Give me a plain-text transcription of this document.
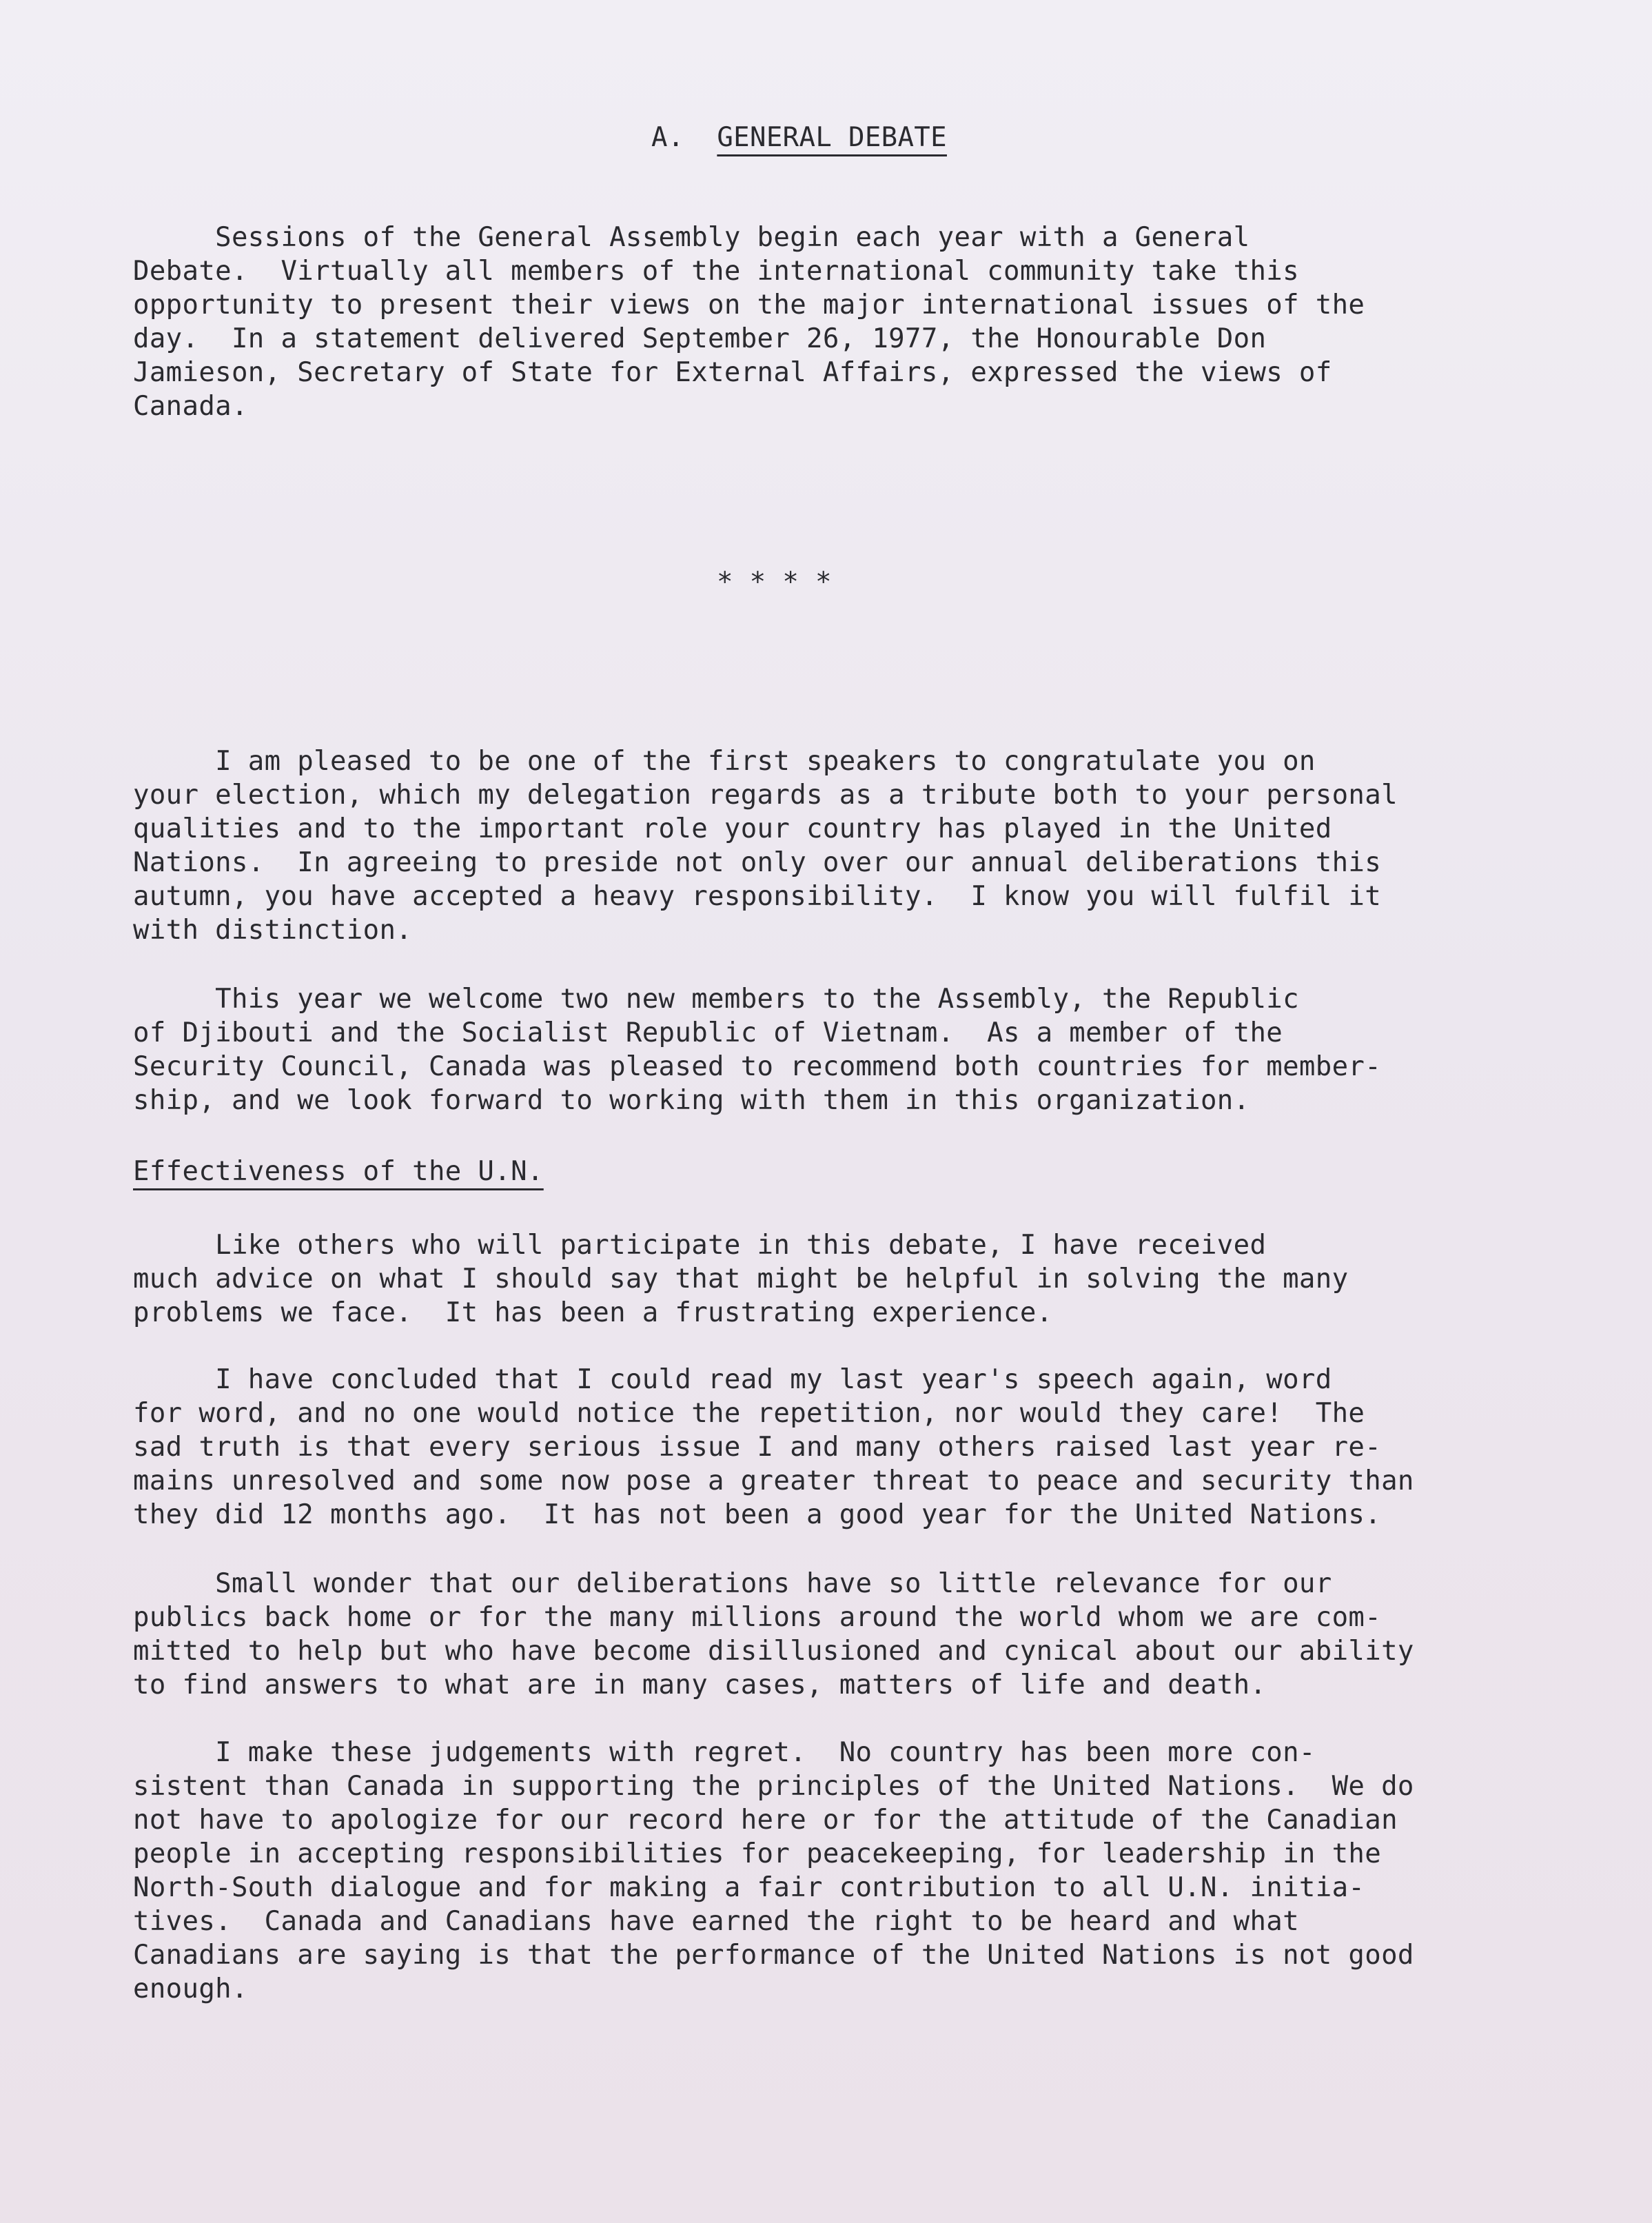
A. GENERAL DEBATE
Sessions of the General Assembly begin each year with a General
Debate.  Virtually all members of the international community take this
opportunity to present their views on the major international issues of the
day.  In a statement delivered September 26, 1977, the Honourable Don
Jamieson, Secretary of State for External Affairs, expressed the views of
Canada.
* * * *
I am pleased to be one of the first speakers to congratulate you on
your election, which my delegation regards as a tribute both to your personal
qualities and to the important role your country has played in the United
Nations.  In agreeing to preside not only over our annual deliberations this
autumn, you have accepted a heavy responsibility.  I know you will fulfil it
with distinction.
This year we welcome two new members to the Assembly, the Republic
of Djibouti and the Socialist Republic of Vietnam.  As a member of the
Security Council, Canada was pleased to recommend both countries for member-
ship, and we look forward to working with them in this organization.
Effectiveness of the U.N.
Like others who will participate in this debate, I have received
much advice on what I should say that might be helpful in solving the many
problems we face.  It has been a frustrating experience.
I have concluded that I could read my last year's speech again, word
for word, and no one would notice the repetition, nor would they care!  The
sad truth is that every serious issue I and many others raised last year re-
mains unresolved and some now pose a greater threat to peace and security than
they did 12 months ago.  It has not been a good year for the United Nations.
Small wonder that our deliberations have so little relevance for our
publics back home or for the many millions around the world whom we are com-
mitted to help but who have become disillusioned and cynical about our ability
to find answers to what are in many cases, matters of life and death.
I make these judgements with regret.  No country has been more con-
sistent than Canada in supporting the principles of the United Nations.  We do
not have to apologize for our record here or for the attitude of the Canadian
people in accepting responsibilities for peacekeeping, for leadership in the
North-South dialogue and for making a fair contribution to all U.N. initia-
tives.  Canada and Canadians have earned the right to be heard and what
Canadians are saying is that the performance of the United Nations is not good
enough.
